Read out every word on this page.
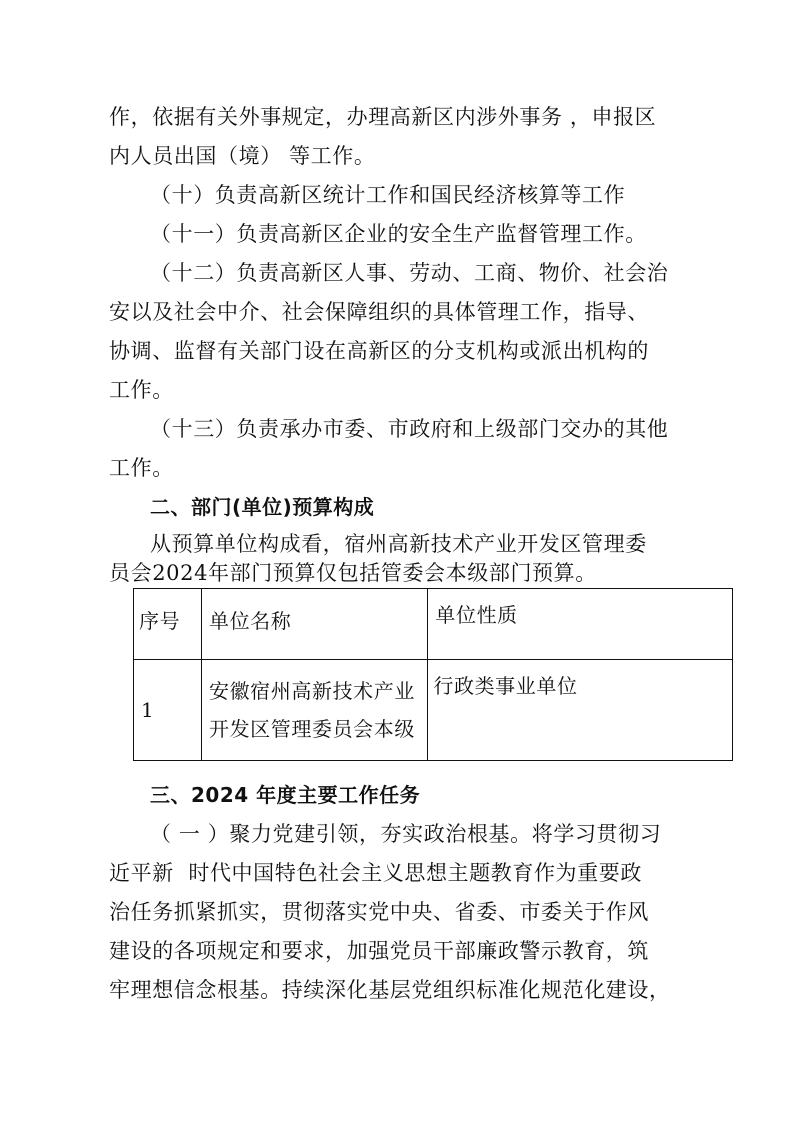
作，依据有关外事规定，办理高新区内涉外事务 ，申报区
内人员出国（境） 等工作。
（十）负责高新区统计工作和国民经济核算等工作
（十一）负责高新区企业的安全生产监督管理工作。
（十二）负责高新区人事、劳动、工商、物价、社会治
安以及社会中介、社会保障组织的具体管理工作，指导、
协调、监督有关部门设在高新区的分支机构或派出机构的
工作。
（十三）负责承办市委、市政府和上级部门交办的其他
工作。
二、部门(单位)预算构成
从预算单位构成看，宿州高新技术产业开发区管理委
员会2024年部门预算仅包括管委会本级部门预算。
序号	单位名称	单位性质
1	安徽宿州高新技术产业
开发区管理委员会本级	行政类事业单位
三、2024 年度主要工作任务
（ 一 ）聚力党建引领，夯实政治根基。将学习贯彻习
近平新  时代中国特色社会主义思想主题教育作为重要政
治任务抓紧抓实，贯彻落实党中央、省委、市委关于作风
建设的各项规定和要求，加强党员干部廉政警示教育，筑
牢理想信念根基。持续深化基层党组织标准化规范化建设，
